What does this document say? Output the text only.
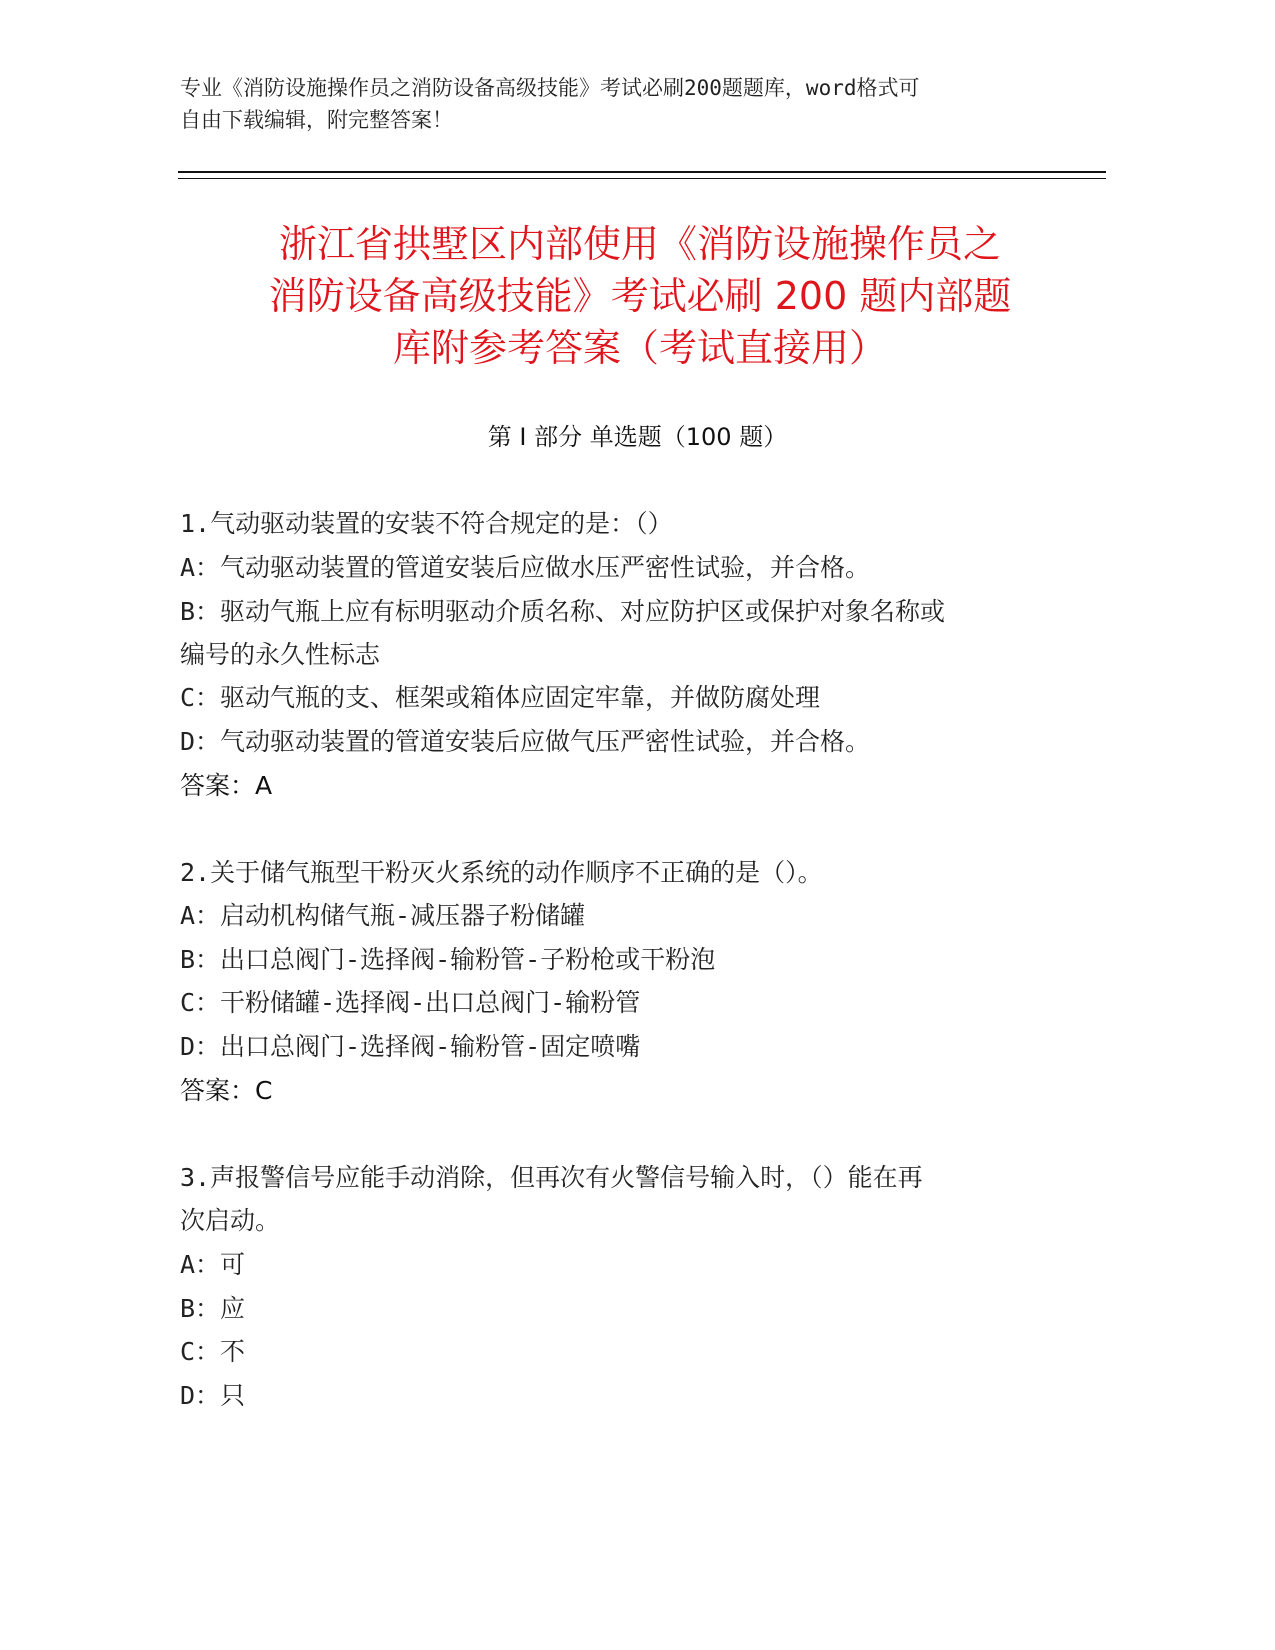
专业《消防设施操作员之消防设备高级技能》考试必刷200题题库，word格式可
自由下载编辑，附完整答案！
浙江省拱墅区内部使用《消防设施操作员之
消防设备高级技能》考试必刷 200 题内部题
库附参考答案（考试直接用）
第 I 部分 单选题（100 题）
1.气动驱动装置的安装不符合规定的是：（）
A：气动驱动装置的管道安装后应做水压严密性试验，并合格。
B：驱动气瓶上应有标明驱动介质名称、对应防护区或保护对象名称或
编号的永久性标志
C：驱动气瓶的支、框架或箱体应固定牢靠，并做防腐处理
D：气动驱动装置的管道安装后应做气压严密性试验，并合格。
答案：A
2.关于储气瓶型干粉灭火系统的动作顺序不正确的是（）。
A：启动机构储气瓶-减压器子粉储罐
B：出口总阀门-选择阀-输粉管-子粉枪或干粉泡
C：干粉储罐-选择阀-出口总阀门-输粉管
D：出口总阀门-选择阀-输粉管-固定喷嘴
答案：C
3.声报警信号应能手动消除，但再次有火警信号输入时，（）能在再
次启动。
A：可
B：应
C：不
D：只
